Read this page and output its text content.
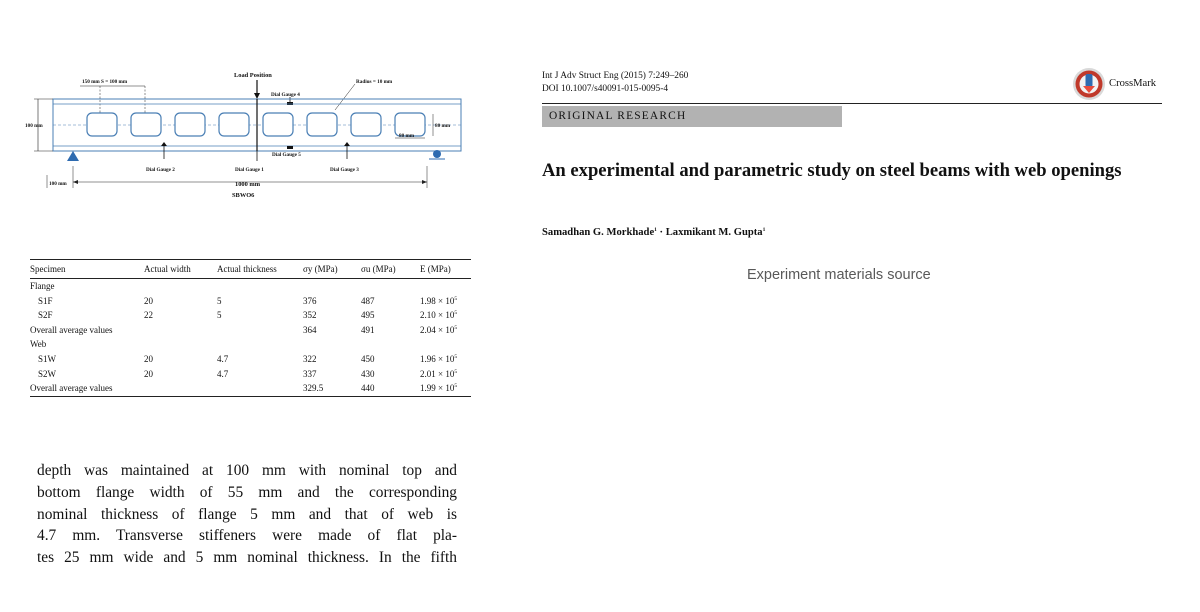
150 mm S = 100 mm
Load Position
Radius = 10 mm
Dial Gauge 4
100 mm	80 mm
80 mm
Dial Gauge 5
Dial Gauge 2	Dial Gauge 1	Dial Gauge 3
100 mm	1000 mm
SBWO6
Specimen	Actual width	Actual thickness	σy (MPa)	σu (MPa)	E (MPa)
Flange					
S1F	20	5	376	487	$1.98 \times 10^5$
S2F	22	5	352	495	$2.10 \times 10^5$
Overall average values			364	491	$2.04 \times 10^5$
Web					
S1W	20	4.7	322	450	$1.96 \times 10^5$
S2W	20	4.7	337	430	$2.01 \times 10^5$
Overall average values			329.5	440	$1.99 \times 10^5$
depth was maintained at 100 mm with nominal top and
bottom flange width of 55 mm and the corresponding
nominal thickness of flange 5 mm and that of web is
4.7 mm. Transverse stiffeners were made of flat pla-
tes 25 mm wide and 5 mm nominal thickness. In the fifth
Int J Adv Struct Eng (2015) 7:249–260
DOI 10.1007/s40091-015-0095-4	CrossMark
ORIGINAL RESEARCH
An experimental and parametric study on steel beams with web openings
Samadhan G. Morkhade$^1$ · Laxmikant M. Gupta$^1$
Experiment materials source
